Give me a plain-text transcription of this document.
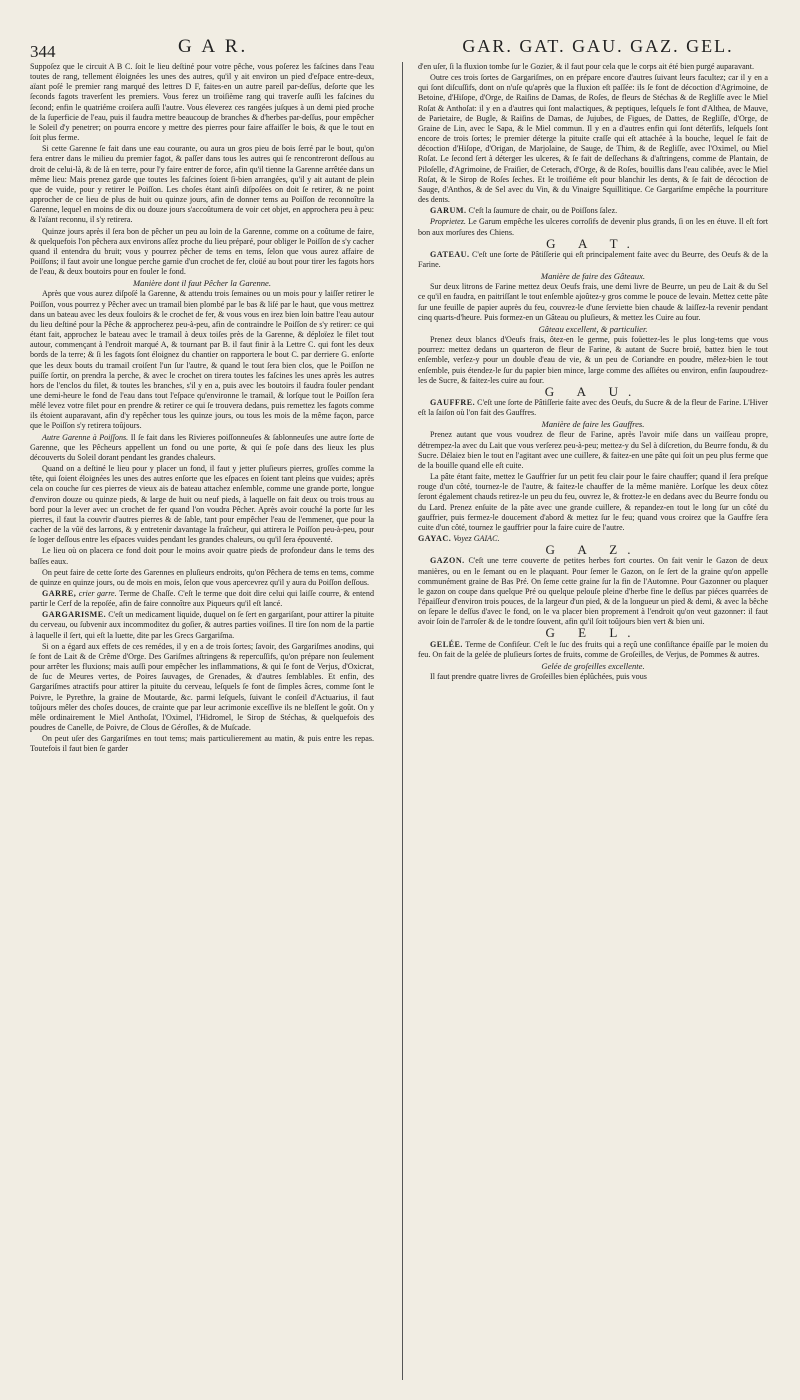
344	G A R.	GAR. GAT. GAU. GAZ. GEL.

Suppoſez que le circuit A B C. ſoit le lieu deſtiné pour votre pêche, vous poſerez les faſcines dans l'eau toutes de rang, tellement éloignées les unes des autres, qu'il y ait environ un pied d'eſpace entre-deux, aïant poſé le premier rang marqué des lettres D F, faites-en un autre pareil par-deſſus, deſorte que les ſeconds fagots traverſent les premiers. Vous ferez un troiſième rang qui traverſe auſſi les faſcines du ſecond; enfin le quatriéme croiſera auſſi l'autre. Vous éleverez ces rangées juſques à un demi pied proche de la ſuperficie de l'eau, puis il faudra mettre beaucoup de branches & d'herbes par-deſſus, pour empêcher le Soleil d'y penetrer; on pourra encore y mettre des pierres pour faire affaiſſer le bois, & que le tout en ſoit plus ferme.

Si cette Garenne ſe fait dans une eau courante, ou aura un gros pieu de bois ſerré par le bout, qu'on fera entrer dans le milieu du premier fagot, & paſſer dans tous les autres qui ſe rencontreront deſſous au droit de celui-là, & de là en terre, pour l'y faire entrer de force, afin qu'il tienne la Garenne arrêtée dans un même lieu: Mais prenez garde que toutes les faſcines ſoient ſi-bien arrangées, qu'il y ait autant de plein que de vuide, pour y retirer le Poiſſon. Les choſes étant ainſi diſpoſées on doit ſe retirer, & ne point approcher de ce lieu de plus de huit ou quinze jours, afin de donner tems au Poiſſon de reconnoître la Garenne, lequel en moins de dix ou douze jours s'accoûtumera de voir cet objet, en approchera peu à peu: & l'aïant reconnu, il s'y retirera.

Quinze jours après il ſera bon de pêcher un peu au loin de la Garenne, comme on a coûtume de faire, & quelquefois l'on pêchera aux environs aſſez proche du lieu préparé, pour obliger le Poiſſon de s'y cacher quand il entendra du bruit; vous y pourrez pêcher de tems en tems, ſelon que vous aurez affaire de Poiſſons; il faut avoir une longue perche garnie d'un crochet de fer, cloüé au bout pour tirer les fagots hors de l'eau, & deux boutoirs pour en fouler le fond.

Manière dont il faut Pêcher la Garenne.

Après que vous aurez diſpoſé la Garenne, & attendu trois ſemaines ou un mois pour y laiſſer retirer le Poiſſon, vous pourrez y Pêcher avec un tramail bien plombé par le bas & liſé par le haut, que vous mettrez dans un bateau avec les deux fouloirs & le crochet de fer, & vous vous en irez bien loin battre l'eau autour du lieu deſtiné pour la Pêche & approcherez peu-à-peu, afin de contraindre le Poiſſon de s'y retirer: ce qui étant fait, approchez le bateau avec le tramail à deux toiſes près de la Garenne, & déploïez le filet tout autour, commençant à l'endroit marqué A, & tournant par B. il faut finir à la Lettre C. qui font les deux bords de la terre; & ſi les fagots ſont éloignez du chantier on rapportera le bout C. par derriere G. enſorte que les deux bouts du tramail croiſent l'un ſur l'autre, & quand le tout ſera bien clos, que le Poiſſon ne puiſſe ſortir, on prendra la perche, & avec le crochet on tirera toutes les faſcines les unes après les autres hors de l'enclos du filet, & toutes les branches, s'il y en a, puis avec les boutoirs il faudra fouler pendant une demi-heure le fond de l'eau dans tout l'eſpace qu'environne le tramail, & lorſque tout le Poiſſon ſera mêlé levez votre filet pour en prendre & retirer ce qui ſe trouvera dedans, puis remettez les fagots comme ils étoient auparavant, afin d'y repêcher tous les quinze jours, ou tous les mois de la même façon, parce que le Poiſſon s'y retirera toûjours.

Autre Garenne à Poiſſons. Il ſe fait dans les Rivieres poiſſonneuſes & ſablonneuſes une autre ſorte de Garenne, que les Pêcheurs appellent un fond ou une porte, & qui ſe poſe dans des lieux les plus découverts du Soleil dorant pendant les grandes chaleurs.

Quand on a deſtiné le lieu pour y placer un fond, il faut y jetter pluſieurs pierres, groſſes comme la tête, qui ſoient éloignées les unes des autres enſorte que les eſpaces en ſoient tant pleins que vuides; après cela on couche ſur ces pierres de vieux ais de bateau attachez enſemble, comme une grande porte, longue d'environ douze ou quinze pieds, & large de huit ou neuf pieds, à laquelle on fait deux ou trois trous au bord pour la lever avec un crochet de fer quand l'on voudra Pêcher. Après avoir couché la porte ſur les pierres, il faut la couvrir d'autres pierres & de ſable, tant pour empêcher l'eau de l'emmener, que pour la cacher de la vûë des larrons, & y entretenir davantage la fraîcheur, qui attirera le Poiſſon peu-à-peu, pour ſe loger deſſous entre les eſpaces vuides pendant les grandes chaleurs, ou qu'il ſera épouventé.

Le lieu où on placera ce fond doit pour le moins avoir quatre pieds de profondeur dans le tems des baſſes eaux.

On peut faire de cette ſorte des Garennes en pluſieurs endroits, qu'on Pêchera de tems en tems, comme de quinze en quinze jours, ou de mois en mois, ſelon que vous apercevrez qu'il y aura du Poiſſon deſſous.

GARRE, crier garre. Terme de Chaſſe. C'eſt le terme que doit dire celui qui laiſſe courre, & entend partir le Cerf de la repoſée, afin de faire connoître aux Piqueurs qu'il eſt lancé.

GARGARISME. C'eſt un medicament liquide, duquel on ſe ſert en gargariſant, pour attirer la pituite du cerveau, ou ſubvenir aux incommoditez du goſier, & autres parties voiſines. Il tire ſon nom de la partie à laquelle il ſert, qui eſt la luette, dite par les Grecs Gargariſma.

Si on a égard aux effets de ces remédes, il y en a de trois ſortes; ſavoir, des Gargariſmes anodins, qui ſe font de Lait & de Crême d'Orge. Des Gariſmes aſtringens & repercuſſifs, qu'on prépare non ſeulement pour arrêter les fluxions; mais auſſi pour empêcher les inflammations, & qui ſe font de Verjus, d'Oxicrat, de ſuc de Meures vertes, de Poires ſauvages, de Grenades, & d'autres ſemblables. Et enfin, des Gargariſmes atractifs pour attirer la pituite du cerveau, leſquels ſe font de ſimples âcres, comme ſont le Poivre, le Pyrethre, la graine de Moutarde, &c. parmi leſquels, ſuivant le conſeil d'Actuarius, il faut toûjours mêler des choſes douces, de crainte que par leur acrimonie exceſſive ils ne bleſſent le goût. On y mêle ordinairement le Miel Anthoſat, l'Oximel, l'Hidromel, le Sirop de Stéchas, & quelquefois des poudres de Canelle, de Poivre, de Clous de Géroſles, & de Muſcade.

On peut uſer des Gargariſmes en tout tems; mais particulierement au matin, & puis entre les repas. Toutefois il faut bien ſe garder

d'en uſer, ſi la fluxion tombe ſur le Gozier, & il faut pour cela que le corps ait été bien purgé auparavant.

Outre ces trois ſortes de Gargariſmes, on en prépare encore d'autres ſuivant leurs facultez; car il y en a qui ſont diſcuſſifs, dont on n'uſe qu'après que la fluxion eſt paſſée: ils ſe font de décoction d'Agrimoine, de Betoine, d'Hiſope, d'Orge, de Raiſins de Damas, de Roſes, de fleurs de Stéchas & de Regliſſe avec le Miel Roſat & Anthoſat: il y en a d'autres qui ſont malactiques, & peptiques, leſquels ſe font d'Althea, de Mauve, de Parietaire, de Bugle, & Raiſins de Damas, de Jujubes, de Figues, de Dattes, de Regliſſe, d'Orge, de Graine de Lin, avec le Sapa, & le Miel commun. Il y en a d'autres enfin qui ſont déterſifs, leſquels ſont encore de trois ſortes; le premier déterge la pituite craſſe qui eſt attachée à la bouche, lequel ſe fait de décoction d'Hiſope, d'Origan, de Marjolaine, de Sauge, de Thim, & de Regliſſe, avec l'Oximel, ou Miel Roſat. Le ſecond ſert à déterger les ulceres, & ſe fait de deſſechans & d'aſtringens, comme de Plantain, de Piloſelle, d'Agrimoine, de Fraiſier, de Ceterach, d'Orge, & de Roſes, bouillis dans l'eau calibée, avec le Miel Roſat, & le Sirop de Roſes ſeches. Et le troiſiéme eſt pour blanchir les dents, & ſe fait de décoction de Sauge, d'Anthos, & de Sel avec du Vin, & du Vinaigre Squillitique. Ce Gargariſme empêche la pourriture des dents.

GARUM. C'eſt la ſaumure de chair, ou de Poiſſons ſalez.

Proprietez. Le Garum empêche les ulceres corroſifs de devenir plus grands, ſi on les en étuve. Il eſt fort bon aux morſures des Chiens.

G A T.

GATEAU. C'eſt une ſorte de Pâtiſſerie qui eſt principalement faite avec du Beurre, des Oeufs & de la Farine.

Manière de faire des Gâteaux.

Sur deux litrons de Farine mettez deux Oeufs frais, une demi livre de Beurre, un peu de Lait & du Sel ce qu'il en faudra, en paitriſſant le tout enſemble ajoûtez-y gros comme le pouce de levain. Mettez cette pâte ſur une feuille de papier auprès du feu, couvrez-le d'une ſerviette bien chaude & laiſſez-la revenir pendant cinq quarts-d'heure. Puis formez-en un Gâteau ou pluſieurs, & mettez les Cuire au four.

Gâteau excellent, & particulier.

Prenez deux blancs d'Oeufs frais, ôtez-en le germe, puis foüettez-les le plus long-tems que vous pourrez: mettez dedans un quarteron de fleur de Farine, & autant de Sucre broié, battez bien le tout enſemble, verſez-y pour un double d'eau de vie, & un peu de Coriandre en poudre, mêlez-bien le tout enſemble, puis étendez-le ſur du papier bien mince, large comme des aſſiétes ou environ, enfin ſaupoudrez-les de Sucre, & faitez-les cuire au four.

G A U.

GAUFFRE. C'eſt une ſorte de Pâtiſſerie faite avec des Oeufs, du Sucre & de la fleur de Farine. L'Hiver eſt la ſaiſon où l'on fait des Gauffres.

Manière de faire les Gauffres.

Prenez autant que vous voudrez de fleur de Farine, après l'avoir miſe dans un vaiſſeau propre, détrempez-la avec du Lait que vous verſerez peu-à-peu; mettez-y du Sel à diſcretion, du Beurre fondu, & du Sucre. Délaiez bien le tout en l'agitant avec une cuillere, & faitez-en une pâte qui ſoit un peu plus ferme que de la bouille quand elle eſt cuite.

La pâte étant faite, mettez le Gauffrier ſur un petit feu clair pour le faire chauffer; quand il ſera preſque rouge d'un côté, tournez-le de l'autre, & faitez-le chauffer de la même manière. Lorſque les deux côtez ſeront également chauds retirez-le un peu du feu, ouvrez le, & frottez-le en dedans avec du Beurre fondu ou du Lard. Prenez enſuite de la pâte avec une grande cuillere, & repandez-en tout le long ſur un côté du gauffrier, puis fermez-le doucement d'abord & mettez ſur le feu; quand vous croirez que la Gauffre ſera cuite d'un côté, tournez le gauffrier pour la faire cuire de l'autre.

GAYAC. Voyez GAIAC.

G A Z.

GAZON. C'eſt une terre couverte de petites herbes fort courtes. On fait venir le Gazon de deux manières, ou en le ſemant ou en le plaquant. Pour ſemer le Gazon, on ſe ſert de la graine qu'on appelle communément graine de Bas Pré. On ſeme cette graine ſur la fin de l'Automne. Pour Gazonner ou plaquer le gazon on coupe dans quelque Pré ou quelque pelouſe pleine d'herbe fine le deſſus par piéces quarrées de l'épaiſſeur d'environ trois pouces, de la largeur d'un pied, & de la longueur un pied & demi, & avec la bêche on ſepare le deſſus d'avec le fond, on le va placer bien proprement à l'endroit qu'on veut gazonner: il faut avoir ſoin de l'arroſer & de le tondre ſouvent, afin qu'il ſoit toûjours bien vert & bien uni.

G E L.

GELÉE. Terme de Confiſeur. C'eſt le ſuc des fruits qui a reçû une conſiſtance épaiſſe par le moien du feu. On fait de la gelée de pluſieurs ſortes de fruits, comme de Groſeilles, de Verjus, de Pommes & autres.

Gelée de groſeilles excellente.

Il faut prendre quatre livres de Groſeilles bien éplûchées, puis vous
